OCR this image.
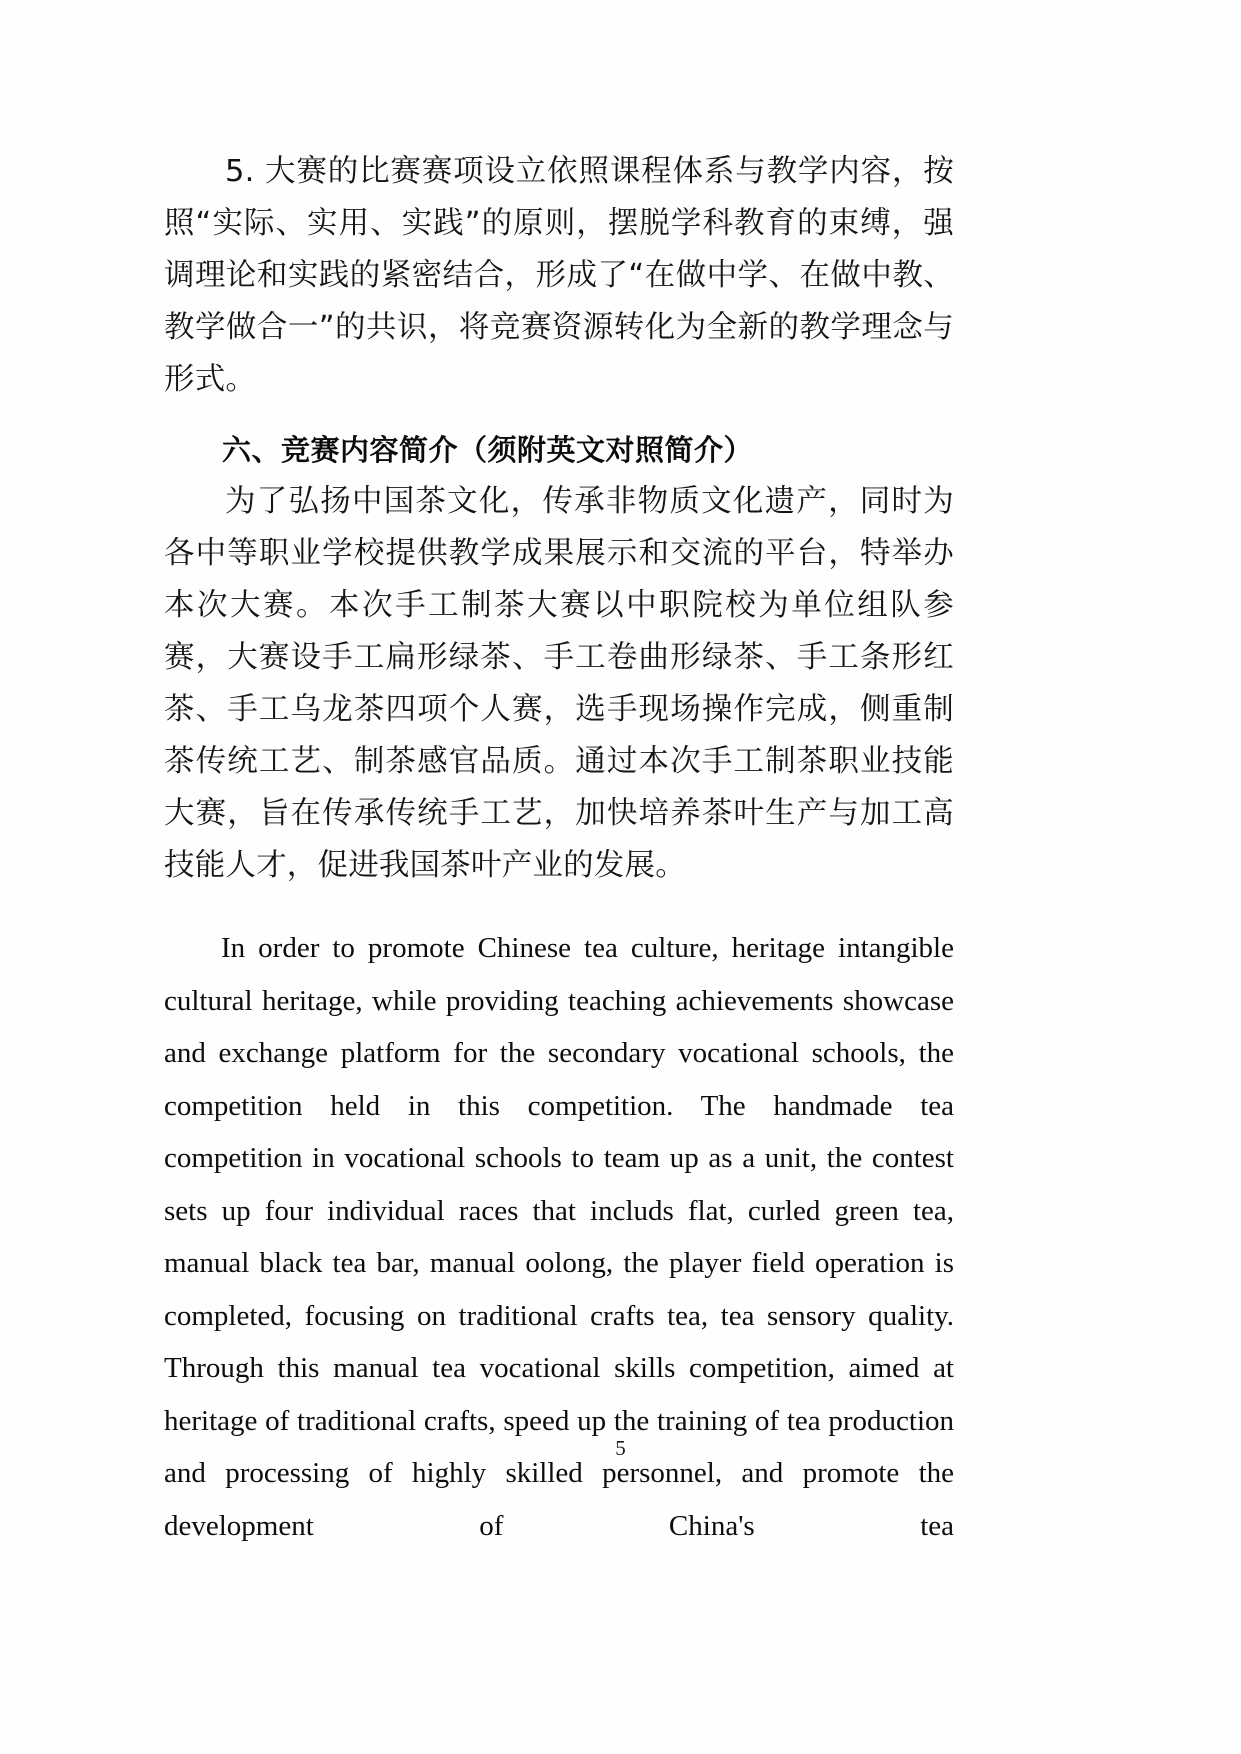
5. 大赛的比赛赛项设立依照课程体系与教学内容，按照“实际、实用、实践”的原则，摆脱学科教育的束缚，强调理论和实践的紧密结合，形成了“在做中学、在做中教、教学做合一”的共识，将竞赛资源转化为全新的教学理念与形式。

六、竞赛内容简介（须附英文对照简介）

为了弘扬中国茶文化，传承非物质文化遗产，同时为各中等职业学校提供教学成果展示和交流的平台，特举办本次大赛。本次手工制茶大赛以中职院校为单位组队参赛，大赛设手工扁形绿茶、手工卷曲形绿茶、手工条形红茶、手工乌龙茶四项个人赛，选手现场操作完成，侧重制茶传统工艺、制茶感官品质。通过本次手工制茶职业技能大赛，旨在传承传统手工艺，加快培养茶叶生产与加工高技能人才，促进我国茶叶产业的发展。

In order to promote Chinese tea culture, heritage intangible cultural heritage, while providing teaching achievements showcase and exchange platform for the secondary vocational schools, the competition held in this competition. The handmade tea competition in vocational schools to team up as a unit, the contest sets up four individual races that includs flat, curled green tea, manual black tea bar, manual oolong, the player field operation is completed, focusing on traditional crafts tea, tea sensory quality. Through this manual tea vocational skills competition, aimed at heritage of traditional crafts, speed up the training of tea production and processing of highly skilled personnel, and promote the development of China's tea

5
